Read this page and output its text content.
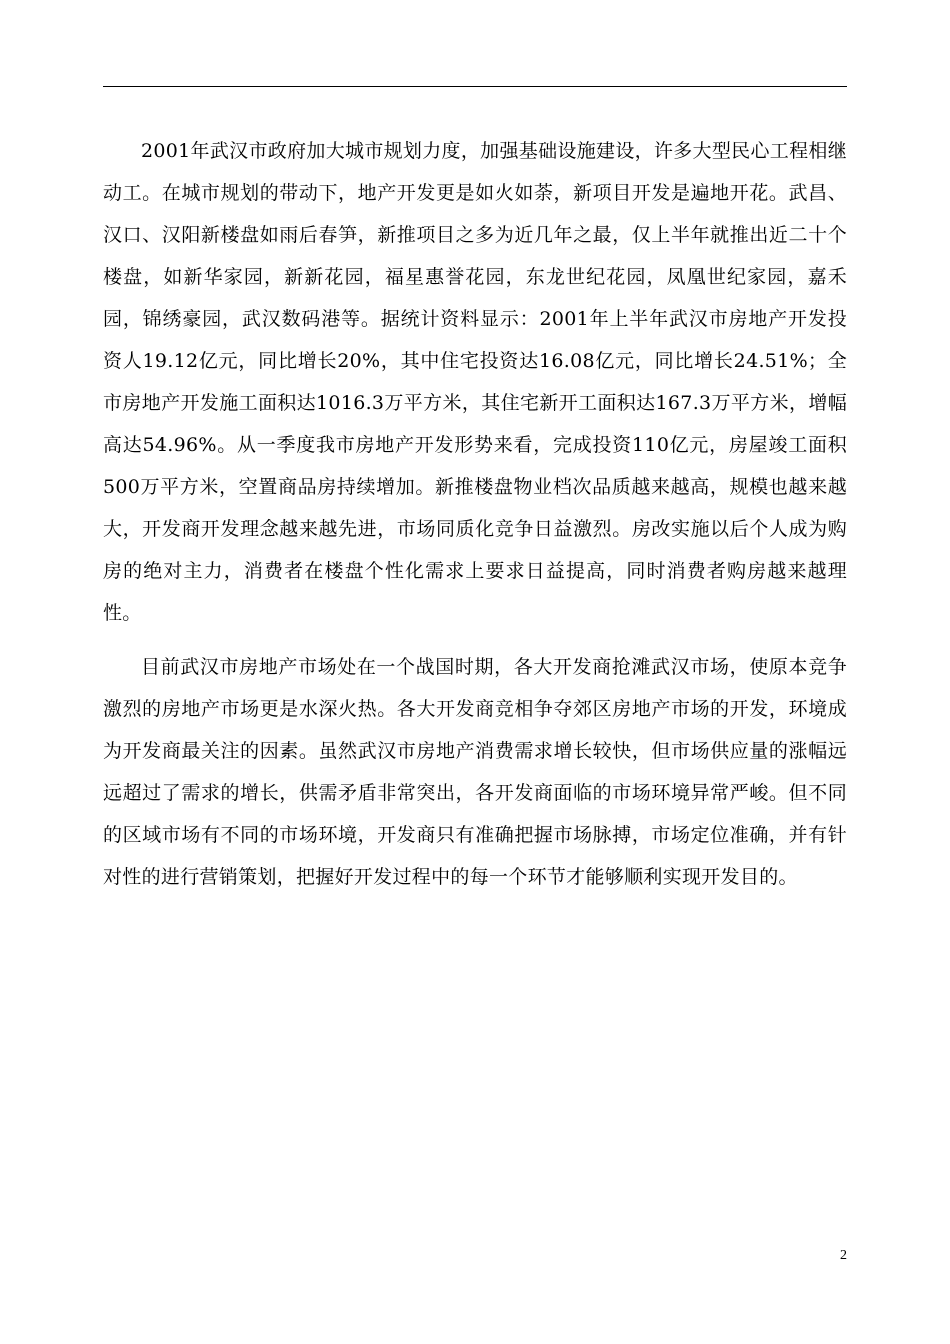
2001年武汉市政府加大城市规划力度，加强基础设施建设，许多大型民心工程相继动工。在城市规划的带动下，地产开发更是如火如荼，新项目开发是遍地开花。武昌、汉口、汉阳新楼盘如雨后春笋，新推项目之多为近几年之最，仅上半年就推出近二十个楼盘，如新华家园，新新花园，福星惠誉花园，东龙世纪花园，凤凰世纪家园，嘉禾园，锦绣豪园，武汉数码港等。据统计资料显示：2001年上半年武汉市房地产开发投资人19.12亿元，同比增长20%，其中住宅投资达16.08亿元，同比增长24.51%；全市房地产开发施工面积达1016.3万平方米，其住宅新开工面积达167.3万平方米，增幅高达54.96%。从一季度我市房地产开发形势来看，完成投资110亿元，房屋竣工面积500万平方米，空置商品房持续增加。新推楼盘物业档次品质越来越高，规模也越来越大，开发商开发理念越来越先进，市场同质化竞争日益激烈。房改实施以后个人成为购房的绝对主力，消费者在楼盘个性化需求上要求日益提高，同时消费者购房越来越理性。

目前武汉市房地产市场处在一个战国时期，各大开发商抢滩武汉市场，使原本竞争激烈的房地产市场更是水深火热。各大开发商竞相争夺郊区房地产市场的开发，环境成为开发商最关注的因素。虽然武汉市房地产消费需求增长较快，但市场供应量的涨幅远远超过了需求的增长，供需矛盾非常突出，各开发商面临的市场环境异常严峻。但不同的区域市场有不同的市场环境，开发商只有准确把握市场脉搏，市场定位准确，并有针对性的进行营销策划，把握好开发过程中的每一个环节才能够顺利实现开发目的。

2
